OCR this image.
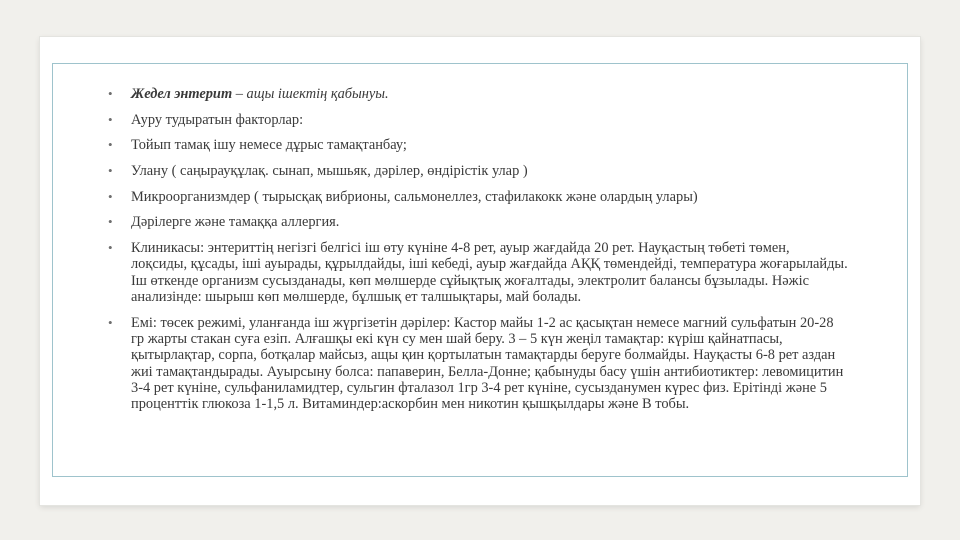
• Жедел энтерит – ащы ішектің қабынуы.
• Ауру тудыратын факторлар:
• Тойып тамақ ішу немесе дұрыс тамақтанбау;
• Улану ( саңырауқұлақ. сынап, мышьяк, дәрілер, өндірістік улар )
• Микроорганизмдер ( тырысқақ вибрионы, сальмонеллез, стафилакокк және олардың улары)
• Дәрілерге және тамаққа аллергия.
• Клиникасы: энтериттің негізгі белгісі іш өту күніне 4-8 рет, ауыр жағдайда 20 рет. Науқастың төбеті төмен, лоқсиды, құсады, іші ауырады, құрылдайды, іші кебеді, ауыр жағдайда АҚҚ төмендейді, температура жоғарылайды. Іш өткенде организм сусызданады, көп мөлшерде сұйықтық жоғалтады, электролит балансы бұзылады. Нәжіс анализінде: шырыш көп мөлшерде, бұлшық ет талшықтары, май болады.
• Емі: төсек режимі, уланғанда іш жүргізетін дәрілер: Кастор майы 1-2 ас қасықтан немесе магний сульфатын 20-28 гр жарты стакан суға езіп. Алғашқы екі күн су мен шай беру. 3 – 5 күн жеңіл тамақтар: күріш қайнатпасы, қытырлақтар, сорпа, ботқалар майсыз, ащы қин қортылатын тамақтарды беруге болмайды. Науқасты 6-8 рет аздан жиі тамақтандырады. Ауырсыну болса: папаверин, Белла-Донне; қабынуды басу үшін антибиотиктер: левомицитин 3-4 рет күніне, сульфаниламидтер, сульгин фталазол 1гр 3-4 рет күніне, сусызданумен күрес физ. Ерітінді және 5 проценттік глюкоза 1-1,5 л. Витаминдер:аскорбин мен никотин қышқылдары және В тобы.
